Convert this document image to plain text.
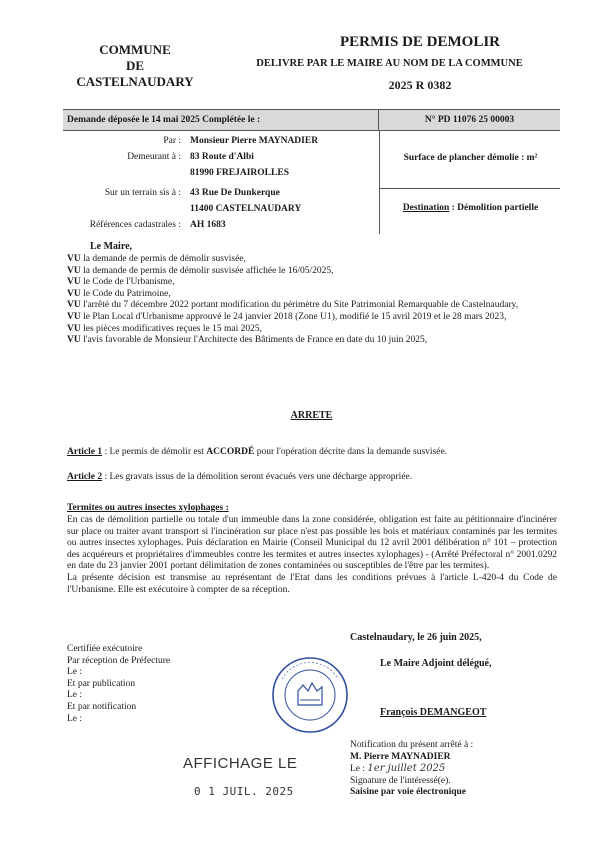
COMMUNE
DE
CASTELNAUDARY
PERMIS DE DEMOLIR
DELIVRE PAR LE MAIRE AU NOM DE LA COMMUNE
2025 R 0382
Demande déposée le 14 mai 2025 Complétée le :	N° PD 11076 25 00003
Par : Monsieur Pierre MAYNADIER
Demeurant à : 83 Route d'Albi
81990 FREJAIROLLES
Sur un terrain sis à : 43 Rue De Dunkerque
11400 CASTELNAUDARY
Références cadastrales : AH 1683
Surface de plancher démolie : m²
Destination : Démolition partielle
Le Maire,
VU la demande de permis de démolir susvisée,
VU la demande de permis de démolir susvisée affichée le 16/05/2025,
VU le Code de l'Urbanisme,
VU le Code du Patrimoine,
VU l'arrêté du 7 décembre 2022 portant modification du périmètre du Site Patrimonial Remarquable de Castelnaudary,
VU le Plan Local d'Urbanisme approuvé le 24 janvier 2018 (Zone U1), modifié le 15 avril 2019 et le 28 mars 2023,
VU les pièces modificatives reçues le 15 mai 2025,
VU l'avis favorable de Monsieur l'Architecte des Bâtiments de France en date du 10 juin 2025,
ARRETE
Article 1 : Le permis de démolir est ACCORDÉ pour l'opération décrite dans la demande susvisée.
Article 2 : Les gravats issus de la démolition seront évacués vers une décharge appropriée.
Termites ou autres insectes xylophages :
En cas de démolition partielle ou totale d'un immeuble dans la zone considérée, obligation est faite au pétitionnaire d'incinérer sur place ou traiter avant transport si l'incinération sur place n'est pas possible les bois et matériaux contaminés par les termites ou autres insectes xylophages. Puis déclaration en Mairie (Conseil Municipal du 12 avril 2001 délibération n° 101 – protection des acquéreurs et propriétaires d'immeubles contre les termites et autres insectes xylophages) - (Arrêté Préfectoral n° 2001.0292 en date du 23 janvier 2001 portant délimitation de zones contaminées ou susceptibles de l'être par les termites).
La présente décision est transmise au représentant de l'Etat dans les conditions prévues à l'article L-420-4 du Code de l'Urbanisme. Elle est exécutoire à compter de sa réception.
Castelnaudary, le 26 juin 2025,
Certifiée exécutoire
Par réception de Préfecture
Le :
Et par publication
Le :
Et par notification
Le :
Le Maire Adjoint délégué,
François DEMANGEOT
AFFICHAGE LE
0 1 JUIL. 2025
Notification du présent arrêté à :
M. Pierre MAYNADIER
Le : 1er juillet 2025
Signature de l'intéressé(e).
Saisine par voie électronique
